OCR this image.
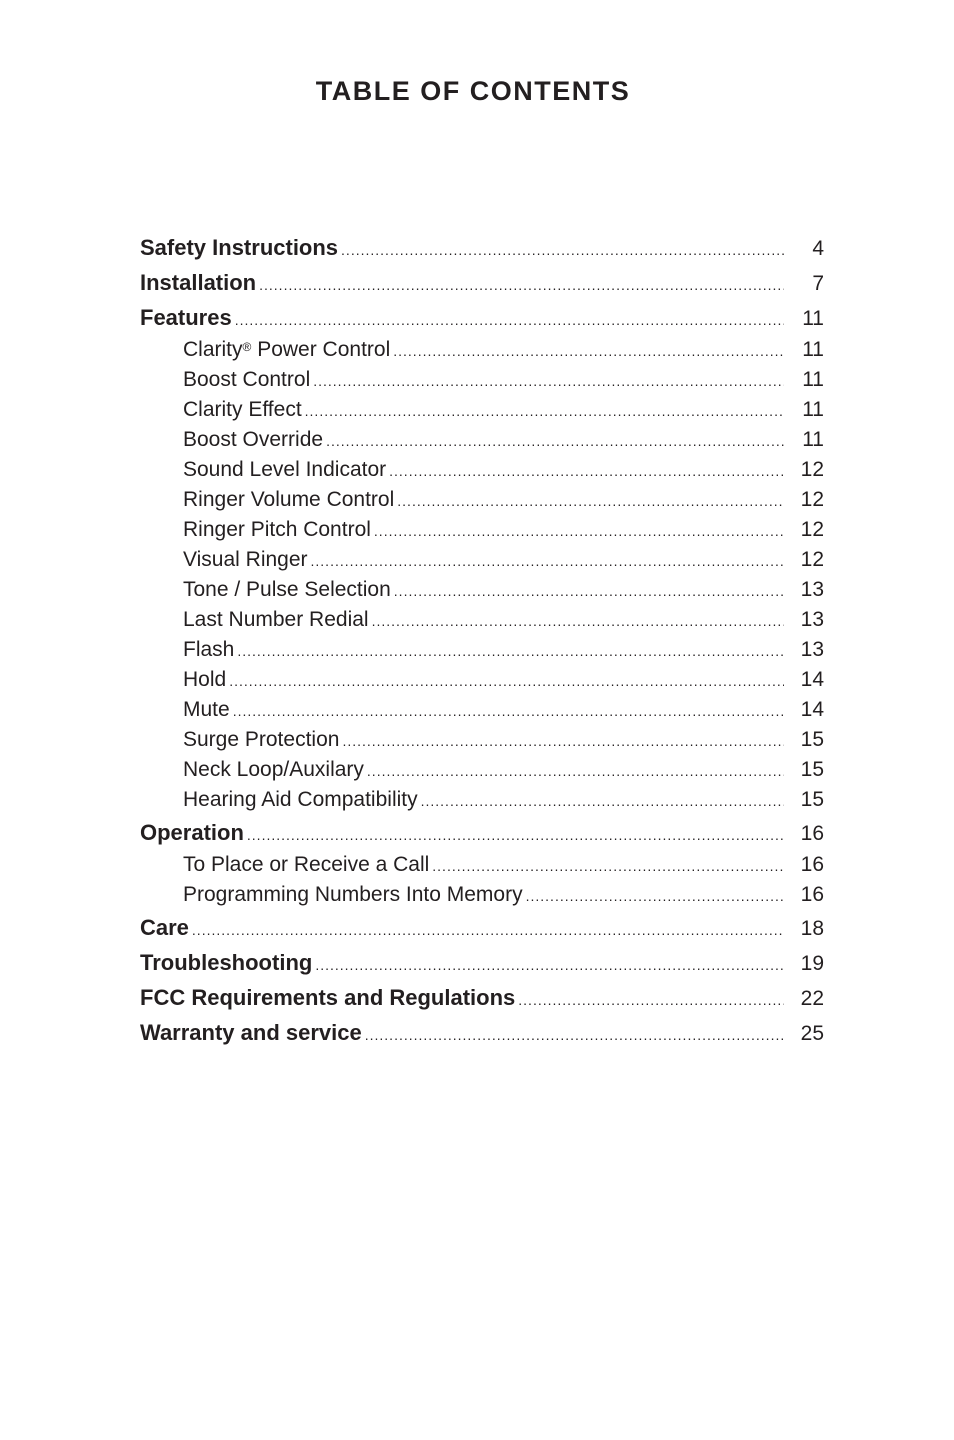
TABLE OF CONTENTS
Safety Instructions .....	4
Installation .....	7
Features .....	11
Clarity® Power Control .....	11
Boost Control .....	11
Clarity Effect .....	11
Boost Override .....	11
Sound Level Indicator .....	12
Ringer Volume Control .....	12
Ringer Pitch Control .....	12
Visual Ringer .....	12
Tone / Pulse Selection .....	13
Last Number Redial .....	13
Flash .....	13
Hold .....	14
Mute .....	14
Surge Protection .....	15
Neck Loop/Auxilary .....	15
Hearing Aid Compatibility .....	15
Operation .....	16
To Place or Receive a Call .....	16
Programming Numbers Into Memory .....	16
Care .....	18
Troubleshooting .....	19
FCC Requirements and Regulations .....	22
Warranty and service .....	25
